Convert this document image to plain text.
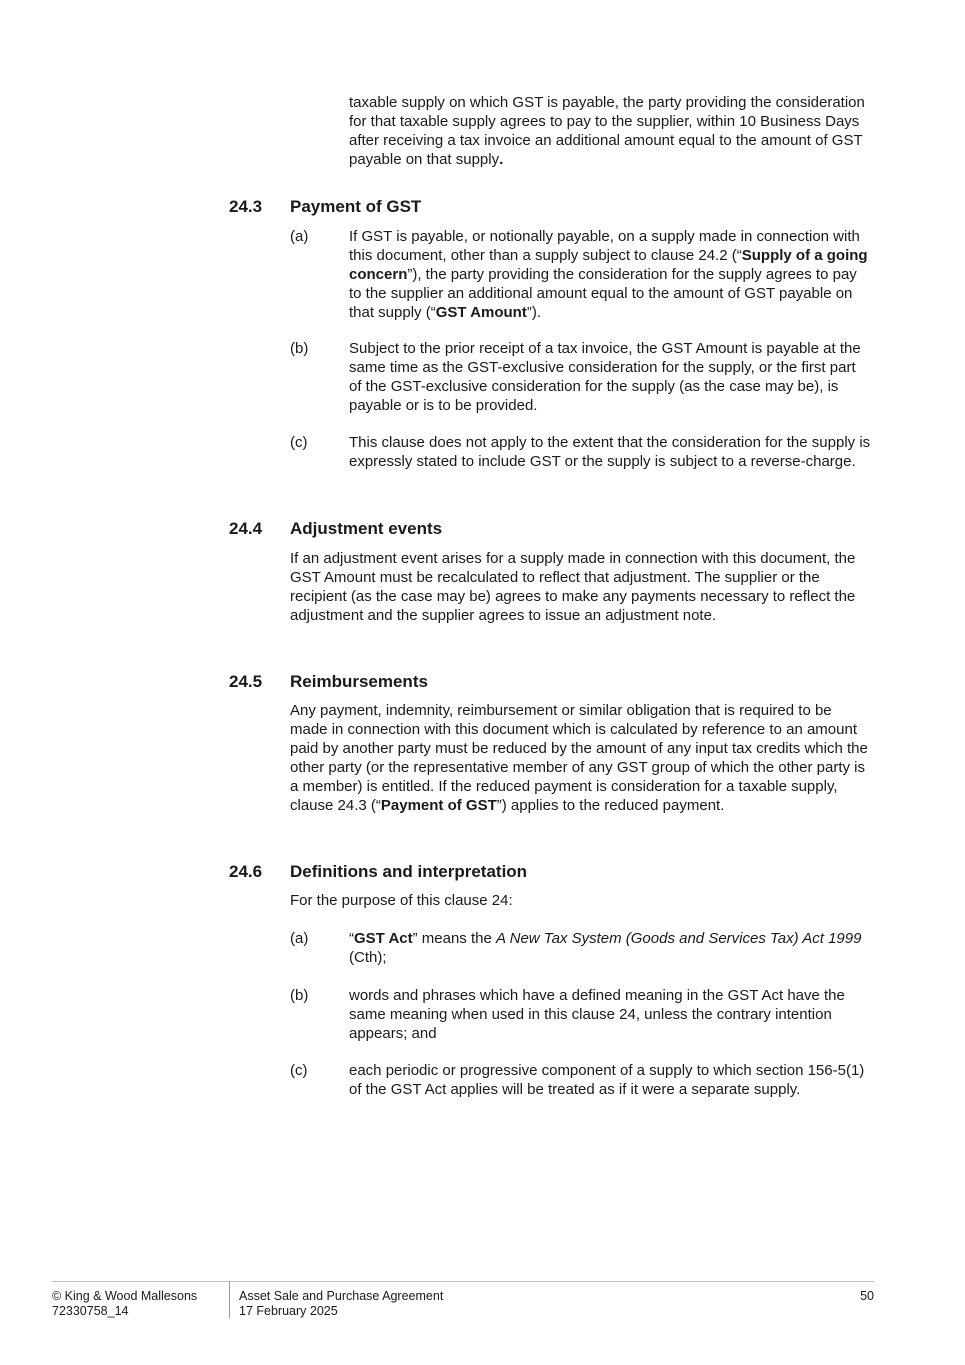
taxable supply on which GST is payable, the party providing the consideration for that taxable supply agrees to pay to the supplier, within 10 Business Days after receiving a tax invoice an additional amount equal to the amount of GST payable on that supply.

24.3 Payment of GST
(a)	If GST is payable, or notionally payable, on a supply made in connection with this document, other than a supply subject to clause 24.2 (“Supply of a going concern”), the party providing the consideration for the supply agrees to pay to the supplier an additional amount equal to the amount of GST payable on that supply (“GST Amount”).

(b)	Subject to the prior receipt of a tax invoice, the GST Amount is payable at the same time as the GST-exclusive consideration for the supply, or the first part of the GST-exclusive consideration for the supply (as the case may be), is payable or is to be provided.

(c)	This clause does not apply to the extent that the consideration for the supply is expressly stated to include GST or the supply is subject to a reverse-charge.

24.4 Adjustment events

If an adjustment event arises for a supply made in connection with this document, the GST Amount must be recalculated to reflect that adjustment. The supplier or the recipient (as the case may be) agrees to make any payments necessary to reflect the adjustment and the supplier agrees to issue an adjustment note.

24.5 Reimbursements

Any payment, indemnity, reimbursement or similar obligation that is required to be made in connection with this document which is calculated by reference to an amount paid by another party must be reduced by the amount of any input tax credits which the other party (or the representative member of any GST group of which the other party is a member) is entitled. If the reduced payment is consideration for a taxable supply, clause 24.3 (“Payment of GST”) applies to the reduced payment.

24.6 Definitions and interpretation

For the purpose of this clause 24:

(a)	“GST Act” means the A New Tax System (Goods and Services Tax) Act 1999 (Cth);

(b)	words and phrases which have a defined meaning in the GST Act have the same meaning when used in this clause 24, unless the contrary intention appears; and

(c)	each periodic or progressive component of a supply to which section 156-5(1) of the GST Act applies will be treated as if it were a separate supply.

© King & Wood Mallesons
72330758_14
Asset Sale and Purchase Agreement
17 February 2025
50
